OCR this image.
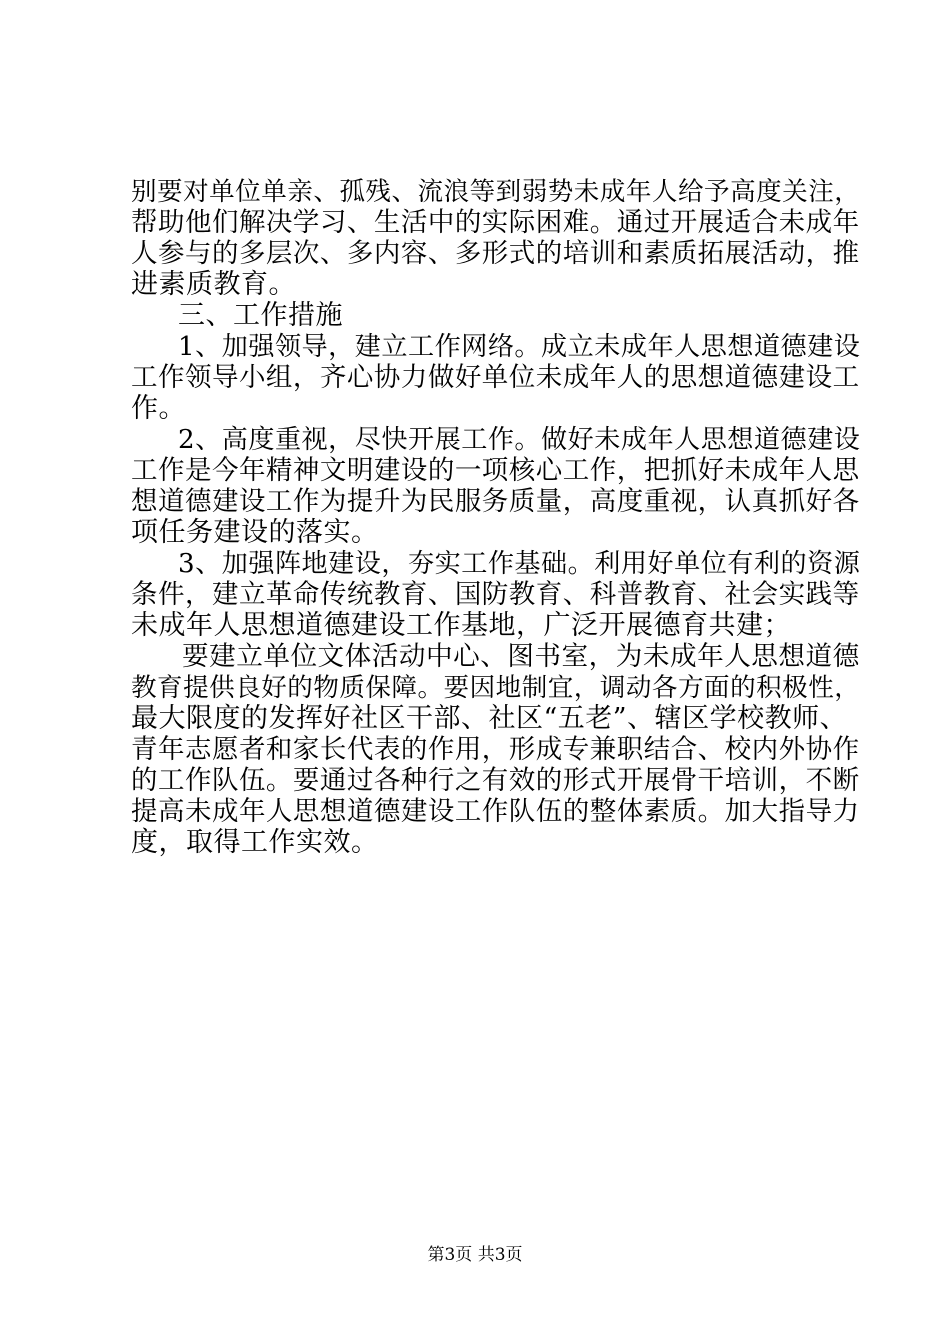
别要对单位单亲、孤残、流浪等到弱势未成年人给予高度关注，
帮助他们解决学习、生活中的实际困难。通过开展适合未成年
人参与的多层次、多内容、多形式的培训和素质拓展活动，推
进素质教育。
三、工作措施
1、加强领导，建立工作网络。成立未成年人思想道德建设
工作领导小组，齐心协力做好单位未成年人的思想道德建设工
作。
2、高度重视，尽快开展工作。做好未成年人思想道德建设
工作是今年精神文明建设的一项核心工作，把抓好未成年人思
想道德建设工作为提升为民服务质量，高度重视，认真抓好各
项任务建设的落实。
3、加强阵地建设，夯实工作基础。利用好单位有利的资源
条件，建立革命传统教育、国防教育、科普教育、社会实践等
未成年人思想道德建设工作基地，广泛开展德育共建；
要建立单位文体活动中心、图书室，为未成年人思想道德
教育提供良好的物质保障。要因地制宜，调动各方面的积极性，
最大限度的发挥好社区干部、社区“五老”、辖区学校教师、
青年志愿者和家长代表的作用，形成专兼职结合、校内外协作
的工作队伍。要通过各种行之有效的形式开展骨干培训，不断
提高未成年人思想道德建设工作队伍的整体素质。加大指导力
度，取得工作实效。
第3页 共3页
